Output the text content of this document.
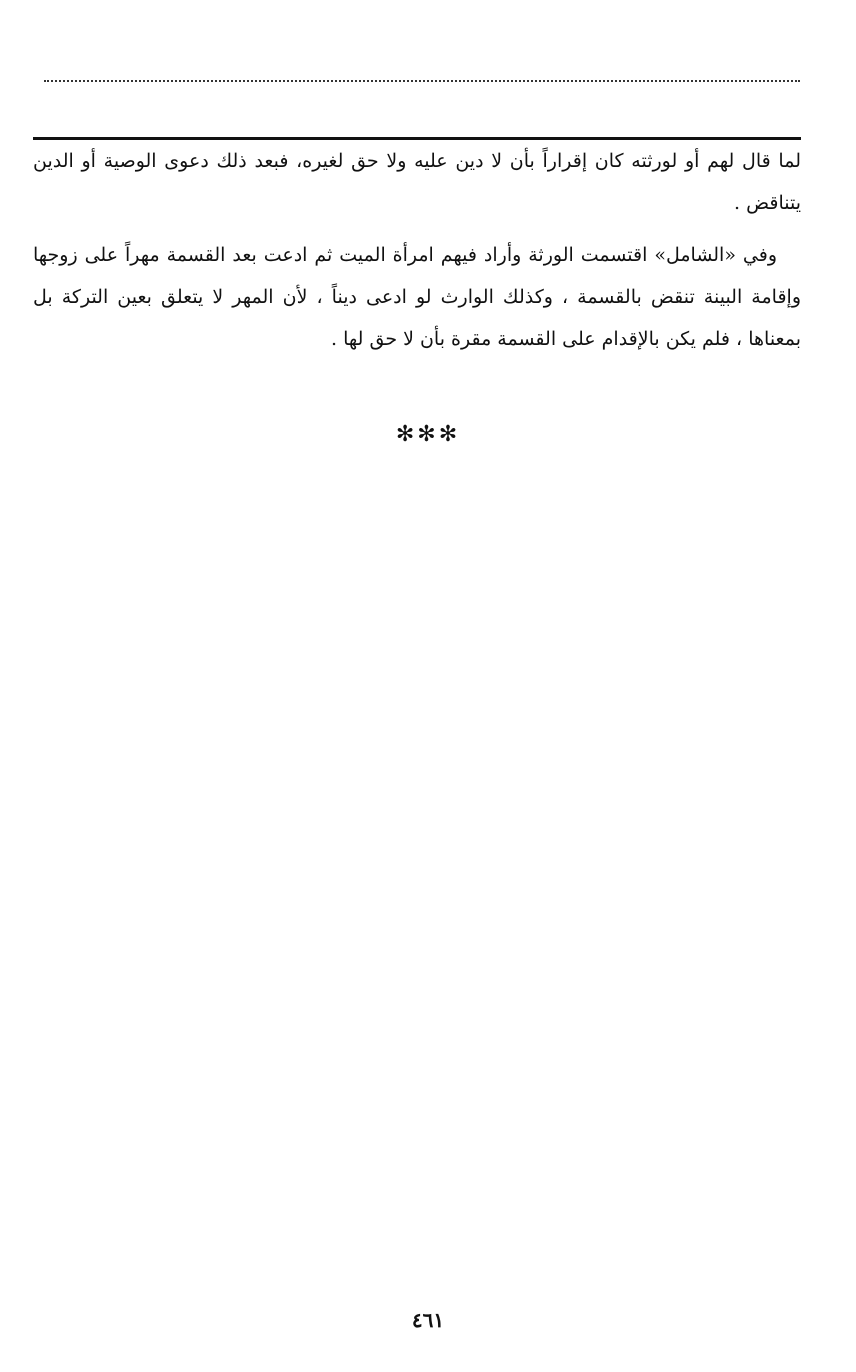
لما قال لهم أو لورثته كان إقراراً بأن لا دين عليه ولا حق لغيره، فبعد ذلك دعوى الوصية أو الدين يتناقض .

وفي «الشامل» اقتسمت الورثة وأراد فيهم امرأة الميت ثم ادعت بعد القسمة مهراً على زوجها وإقامة البينة تنقض بالقسمة ، وكذلك الوارث لو ادعى ديناً ، لأن المهر لا يتعلق بعين التركة بل بمعناها ، فلم يكن بالإقدام على القسمة مقرة بأن لا حق لها .

✻✻✻
٤٦١
